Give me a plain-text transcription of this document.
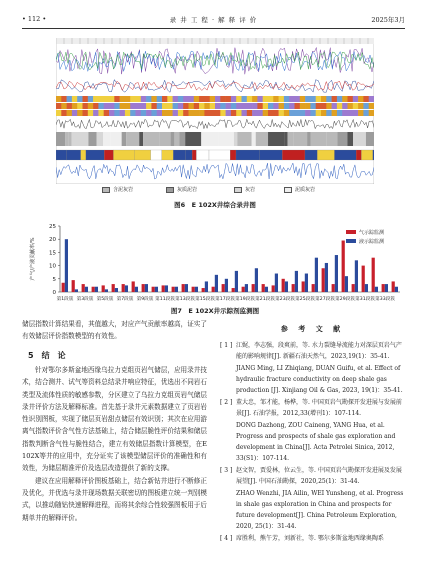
• 112 •	录 井 工 程 · 解 释 评 价	2025年3月
含泥灰岩	灰质泥岩	灰岩	泥质灰岩
图6　E 102X井综合录井图
0
5
10
15
20
25
产气/产液贡献率/%
第1段簇 第3段簇 第5段簇 第7段簇 第9段簇 第11段簇 第13段簇 第15段簇 第17段簇 第19段簇 第21段簇 第23段簇 第25段簇 第27段簇 第29段簇 第31段簇 第33段簇
气示踪监测
液示踪监测
图7　E 102X井示踪剂监测图
储层指数计算结果看，其值越大，对应产气贡献率越高，证实了有效储层评价指数模型的有效性。
5　结　论

针对鄂尔多斯盆地西缘乌拉力克组页岩气储层，应用录井技术，结合测井、试气等资料总结录井响应特征，优选出不同岩石类型及流体性质的敏感参数，分区建立了乌拉力克组页岩气储层录井评价方法及解释标准。首先基于录井元素数据建立了页岩岩性识别图板，实现了储层页岩甜点储层有效识别；其次在应用游离气指数评价含气性方法基础上，结合储层脆性评价结果和储层指数判断含气性与脆性结合，建立有效储层指数计算模型，在E 102X等井的应用中，充分证实了该模型储层评价的准确性和有效性，为储层精准评价及选层改造提供了新的支撑。

建议在应用解释评价图板基础上，结合新钻井进行不断修正及优化，并优选与录井现场数据关联密切的图板建立统一判别模式，以推动随钻快速解释进程，而将其余综合性较强图板用于后期单井的解释评价。

参 考 文 献
[ 1 ] 江娓，李志强，段爽前，等. 水力裂缝导流能力对深层页岩气产能的影响规律[J]. 新疆石油天然气，2023,19(1)：35-41.
JIANG Ming, LI Zhiqiang, DUAN Guifu, et al. Effect of hydraulic fracture conductivity on deep shale gas production [J]. Xinjiang Oil & Gas, 2023, 19(1)：35-41.
[ 2 ] 董大忠，邹才能，杨桦，等. 中国页岩气勘探开发进展与发展前景[J]. 石油学报，2012,33(增刊1)：107-114.
DONG Dazhong, ZOU Caineng, YANG Hua, et al. Progress and prospects of shale gas exploration and development in China[J]. Acta Petrolei Sinica, 2012, 33(S1)：107-114.
[ 3 ] 赵文智，贾爱林，位云生，等. 中国页岩气勘探开发进展及发展展望[J]. 中国石油勘探，2020,25(1)：31-44.
ZHAO Wenzhi, JIA Ailin, WEI Yunsheng, et al. Progress in shale gas exploration in China and prospects for future development[J]. China Petroleum Exploration, 2020, 25(1)：31-44.
[ 4 ] 席胜利，熊午芳，刘新社，等. 鄂尔多斯盆地西缘奥陶系
